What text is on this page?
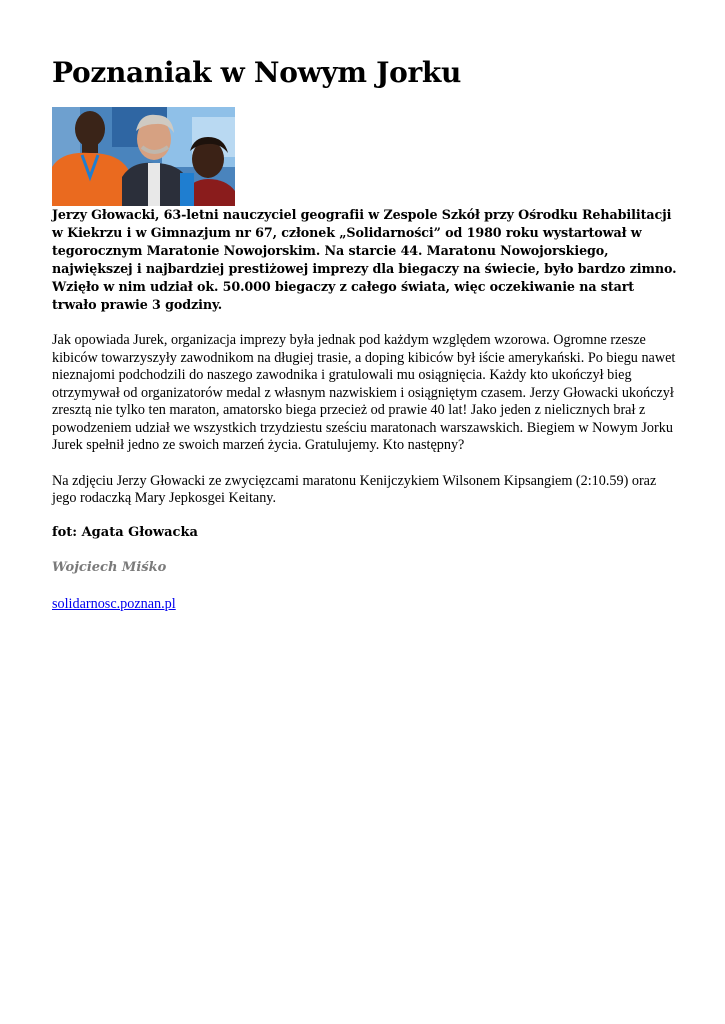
Poznaniak w Nowym Jorku

Jerzy Głowacki, 63-letni nauczyciel geografii w Zespole Szkół przy Ośrodku Rehabilitacji w Kiekrzu i w Gimnazjum nr 67, członek „Solidarności” od 1980 roku wystartował w tegorocznym Maratonie Nowojorskim. Na starcie 44. Maratonu Nowojorskiego, największej i najbardziej prestiżowej imprezy dla biegaczy na świecie, było bardzo zimno. Wzięło w nim udział ok. 50.000 biegaczy z całego świata, więc oczekiwanie na start trwało prawie 3 godziny.

Jak opowiada Jurek, organizacja imprezy była jednak pod każdym względem wzorowa. Ogromne rzesze kibiców towarzyszyły zawodnikom na długiej trasie, a doping kibiców był iście amerykański. Po biegu nawet nieznajomi podchodzili do naszego zawodnika i gratulowali mu osiągnięcia. Każdy kto ukończył bieg otrzymywał od organizatorów medal z własnym nazwiskiem i osiągniętym czasem. Jerzy Głowacki ukończył zresztą nie tylko ten maraton, amatorsko biega przecież od prawie 40 lat! Jako jeden z nielicznych brał z powodzeniem udział we wszystkich trzydziestu sześciu maratonach warszawskich. Biegiem w Nowym Jorku Jurek spełnił jedno ze swoich marzeń życia. Gratulujemy. Kto następny?

Na zdjęciu Jerzy Głowacki ze zwycięzcami maratonu Kenijczykiem Wilsonem Kipsangiem (2:10.59) oraz jego rodaczką Mary Jepkosgei Keitany.

fot: Agata Głowacka

Wojciech Miśko

solidarnosc.poznan.pl
